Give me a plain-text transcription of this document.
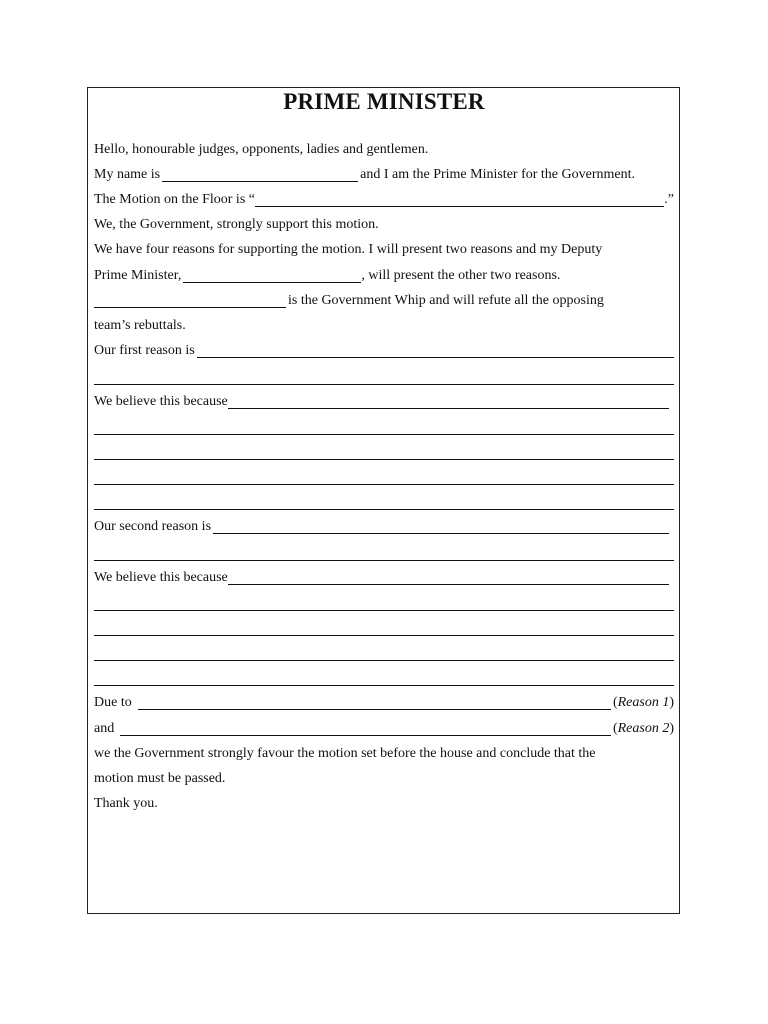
PRIME MINISTER
Hello, honourable judges, opponents, ladies and gentlemen.
My name is	and I am the Prime Minister for the Government.
The Motion on the Floor is “	.”
We, the Government, strongly support this motion.
We have four reasons for supporting the motion. I will present two reasons and my Deputy
Prime Minister,	, will present the other two reasons.
is the Government Whip and will refute all the opposing
team’s rebuttals.
Our first reason is
We believe this because
Our second reason is
We believe this because
Due to	( Reason 1 )
and	( Reason 2 )
we the Government strongly favour the motion set before the house and conclude that the
motion must be passed.
Thank you.
